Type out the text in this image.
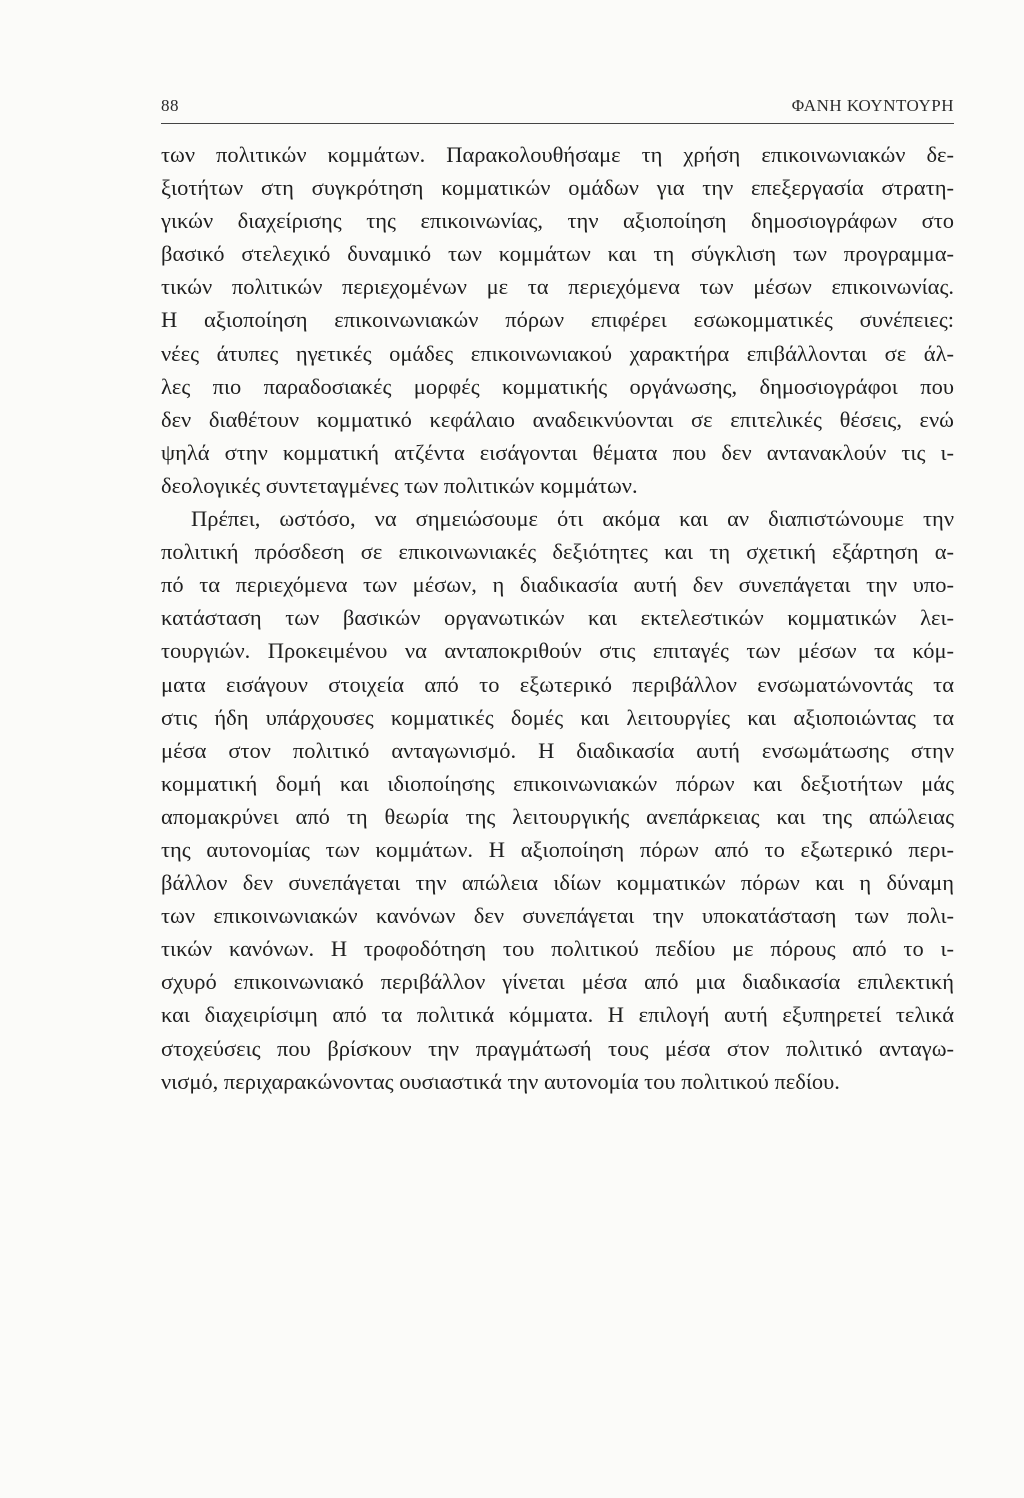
88	ΦΑΝΗ ΚΟΥΝΤΟΥΡΗ
των πολιτικών κομμάτων. Παρακολουθήσαμε τη χρήση επικοινωνιακών δε-
ξιοτήτων στη συγκρότηση κομματικών ομάδων για την επεξεργασία στρατη-
γικών διαχείρισης της επικοινωνίας, την αξιοποίηση δημοσιογράφων στο
βασικό στελεχικό δυναμικό των κομμάτων και τη σύγκλιση των προγραμμα-
τικών πολιτικών περιεχομένων με τα περιεχόμενα των μέσων επικοινωνίας.
Η αξιοποίηση επικοινωνιακών πόρων επιφέρει εσωκομματικές συνέπειες:
νέες άτυπες ηγετικές ομάδες επικοινωνιακού χαρακτήρα επιβάλλονται σε άλ-
λες πιο παραδοσιακές μορφές κομματικής οργάνωσης, δημοσιογράφοι που
δεν διαθέτουν κομματικό κεφάλαιο αναδεικνύονται σε επιτελικές θέσεις, ενώ
ψηλά στην κομματική ατζέντα εισάγονται θέματα που δεν αντανακλούν τις ι-
δεολογικές συντεταγμένες των πολιτικών κομμάτων.
Πρέπει, ωστόσο, να σημειώσουμε ότι ακόμα και αν διαπιστώνουμε την
πολιτική πρόσδεση σε επικοινωνιακές δεξιότητες και τη σχετική εξάρτηση α-
πό τα περιεχόμενα των μέσων, η διαδικασία αυτή δεν συνεπάγεται την υπο-
κατάσταση των βασικών οργανωτικών και εκτελεστικών κομματικών λει-
τουργιών. Προκειμένου να ανταποκριθούν στις επιταγές των μέσων τα κόμ-
ματα εισάγουν στοιχεία από το εξωτερικό περιβάλλον ενσωματώνοντάς τα
στις ήδη υπάρχουσες κομματικές δομές και λειτουργίες και αξιοποιώντας τα
μέσα στον πολιτικό ανταγωνισμό. Η διαδικασία αυτή ενσωμάτωσης στην
κομματική δομή και ιδιοποίησης επικοινωνιακών πόρων και δεξιοτήτων μάς
απομακρύνει από τη θεωρία της λειτουργικής ανεπάρκειας και της απώλειας
της αυτονομίας των κομμάτων. Η αξιοποίηση πόρων από το εξωτερικό περι-
βάλλον δεν συνεπάγεται την απώλεια ιδίων κομματικών πόρων και η δύναμη
των επικοινωνιακών κανόνων δεν συνεπάγεται την υποκατάσταση των πολι-
τικών κανόνων. Η τροφοδότηση του πολιτικού πεδίου με πόρους από το ι-
σχυρό επικοινωνιακό περιβάλλον γίνεται μέσα από μια διαδικασία επιλεκτική
και διαχειρίσιμη από τα πολιτικά κόμματα. Η επιλογή αυτή εξυπηρετεί τελικά
στοχεύσεις που βρίσκουν την πραγμάτωσή τους μέσα στον πολιτικό ανταγω-
νισμό, περιχαρακώνοντας ουσιαστικά την αυτονομία του πολιτικού πεδίου.
